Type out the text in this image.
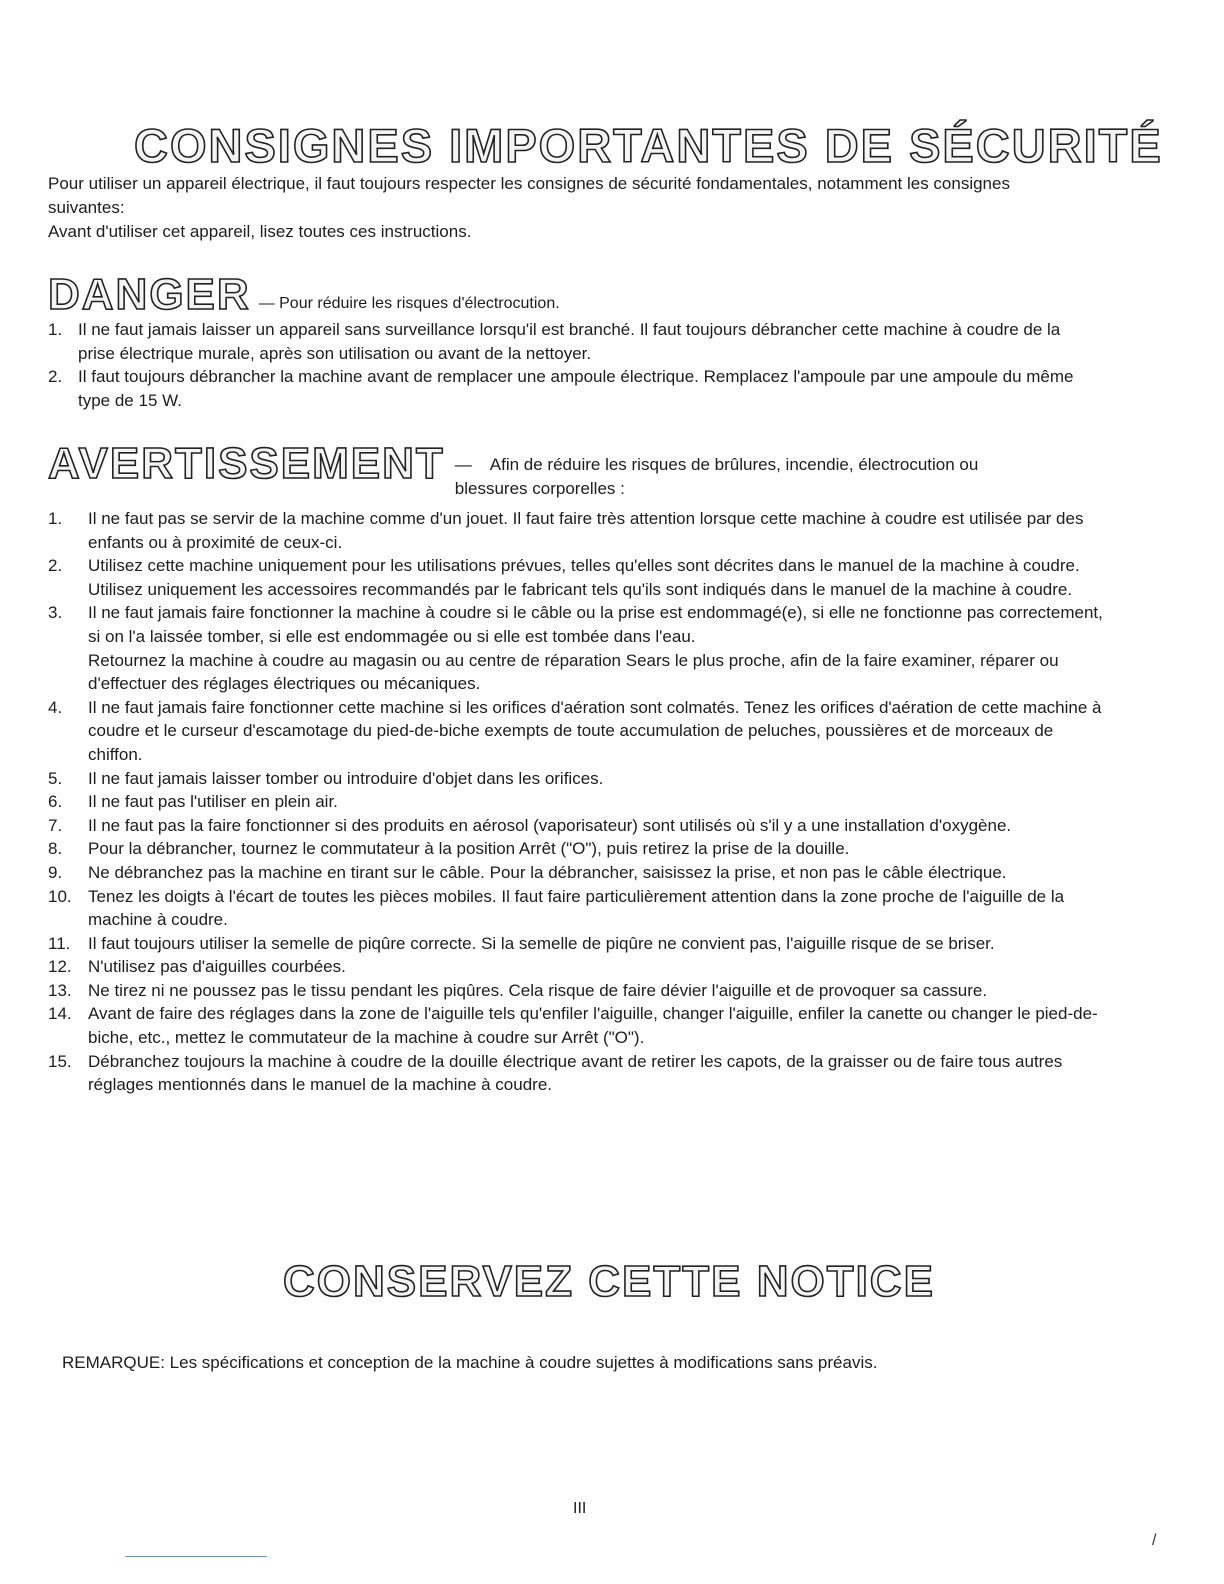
CONSIGNES IMPORTANTES DE SÉCURITÉ

Pour utiliser un appareil électrique, il faut toujours respecter les consignes de sécurité fondamentales, notamment les consignes suivantes:

Avant d'utiliser cet appareil, lisez toutes ces instructions.

DANGER — Pour réduire les risques d'électrocution.
1. Il ne faut jamais laisser un appareil sans surveillance lorsqu'il est branché. Il faut toujours débrancher cette machine à coudre de la prise électrique murale, après son utilisation ou avant de la nettoyer.
2. Il faut toujours débrancher la machine avant de remplacer une ampoule électrique. Remplacez l'ampoule par une ampoule du même type de 15 W.
AVERTISSEMENT — Afin de réduire les risques de brûlures, incendie, électrocution ou blessures corporelles :
1.	Il ne faut pas se servir de la machine comme d'un jouet. Il faut faire très attention lorsque cette machine à coudre est utilisée par des enfants ou à proximité de ceux-ci.

2.	Utilisez cette machine uniquement pour les utilisations prévues, telles qu'elles sont décrites dans le manuel de la machine à coudre.

Utilisez uniquement les accessoires recommandés par le fabricant tels qu'ils sont indiqués dans le manuel de la machine à coudre.

3.	Il ne faut jamais faire fonctionner la machine à coudre si le câble ou la prise est endommagé(e), si elle ne fonctionne pas correctement, si on l'a laissée tomber, si elle est endommagée ou si elle est tombée dans l'eau.

Retournez la machine à coudre au magasin ou au centre de réparation Sears le plus proche, afin de la faire examiner, réparer ou d'effectuer des réglages électriques ou mécaniques.

4.	Il ne faut jamais faire fonctionner cette machine si les orifices d'aération sont colmatés. Tenez les orifices d'aération de cette machine à coudre et le curseur d'escamotage du pied-de-biche exempts de toute accumulation de peluches, poussières et de morceaux de chiffon.

5.	Il ne faut jamais laisser tomber ou introduire d'objet dans les orifices.

6.	Il ne faut pas l'utiliser en plein air.

7.	Il ne faut pas la faire fonctionner si des produits en aérosol (vaporisateur) sont utilisés où s'il y a une installation d'oxygène.

8.	Pour la débrancher, tournez le commutateur à la position Arrêt ("O"), puis retirez la prise de la douille.

9.	Ne débranchez pas la machine en tirant sur le câble. Pour la débrancher, saisissez la prise, et non pas le câble électrique.

10. Tenez les doigts à l'écart de toutes les pièces mobiles. Il faut faire particulièrement attention dans la zone proche de l'aiguille de la machine à coudre.

11.	Il faut toujours utiliser la semelle de piqûre correcte. Si la semelle de piqûre ne convient pas, l'aiguille risque de se briser.

12. N'utilisez pas d'aiguilles courbées.

13. Ne tirez ni ne poussez pas le tissu pendant les piqûres. Cela risque de faire dévier l'aiguille et de provoquer sa cassure.

14. Avant de faire des réglages dans la zone de l'aiguille tels qu'enfiler l'aiguille, changer l'aiguille, enfiler la canette ou changer le pied-de-biche, etc., mettez le commutateur de la machine à coudre sur Arrêt ("O").

15. Débranchez toujours la machine à coudre de la douille électrique avant de retirer les capots, de la graisser ou de faire tous autres réglages mentionnés dans le manuel de la machine à coudre.

CONSERVEZ CETTE NOTICE
REMARQUE: Les spécifications et conception de la machine à coudre sujettes à modifications sans préavis.
III
/
